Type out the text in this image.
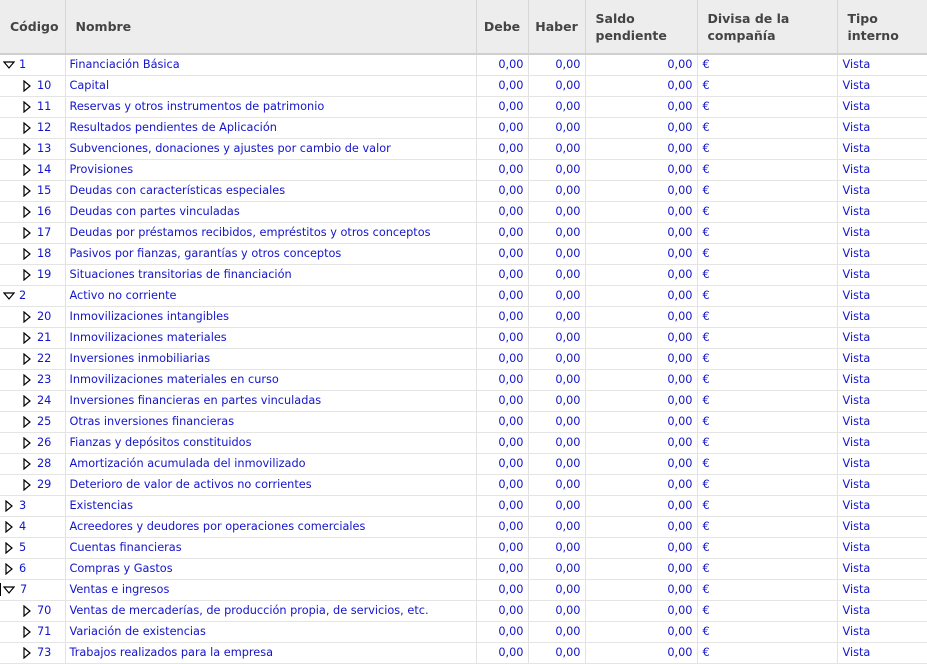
Código	Nombre	Debe	Haber	Saldo pendiente	Divisa de la compañía	Tipo interno

1	Financiación Básica	0,00	0,00	0,00	€	Vista

10	Capital	0,00	0,00	0,00	€	Vista

11	Reservas y otros instrumentos de patrimonio	0,00	0,00	0,00	€	Vista

12	Resultados pendientes de Aplicación	0,00	0,00	0,00	€	Vista

13	Subvenciones, donaciones y ajustes por cambio de valor	0,00	0,00	0,00	€	Vista

14	Provisiones	0,00	0,00	0,00	€	Vista

15	Deudas con características especiales	0,00	0,00	0,00	€	Vista

16	Deudas con partes vinculadas	0,00	0,00	0,00	€	Vista

17	Deudas por préstamos recibidos, empréstitos y otros conceptos	0,00	0,00	0,00	€	Vista

18	Pasivos por fianzas, garantías y otros conceptos	0,00	0,00	0,00	€	Vista

19	Situaciones transitorias de financiación	0,00	0,00	0,00	€	Vista

2	Activo no corriente	0,00	0,00	0,00	€	Vista

20	Inmovilizaciones intangibles	0,00	0,00	0,00	€	Vista

21	Inmovilizaciones materiales	0,00	0,00	0,00	€	Vista

22	Inversiones inmobiliarias	0,00	0,00	0,00	€	Vista

23	Inmovilizaciones materiales en curso	0,00	0,00	0,00	€	Vista

24	Inversiones financieras en partes vinculadas	0,00	0,00	0,00	€	Vista

25	Otras inversiones financieras	0,00	0,00	0,00	€	Vista

26	Fianzas y depósitos constituidos	0,00	0,00	0,00	€	Vista

28	Amortización acumulada del inmovilizado	0,00	0,00	0,00	€	Vista

29	Deterioro de valor de activos no corrientes	0,00	0,00	0,00	€	Vista

3	Existencias	0,00	0,00	0,00	€	Vista

4	Acreedores y deudores por operaciones comerciales	0,00	0,00	0,00	€	Vista

5	Cuentas financieras	0,00	0,00	0,00	€	Vista

6	Compras y Gastos	0,00	0,00	0,00	€	Vista

7	Ventas e ingresos	0,00	0,00	0,00	€	Vista

70	Ventas de mercaderías, de producción propia, de servicios, etc.	0,00	0,00	0,00	€	Vista

71	Variación de existencias	0,00	0,00	0,00	€	Vista

73	Trabajos realizados para la empresa	0,00	0,00	0,00	€	Vista
